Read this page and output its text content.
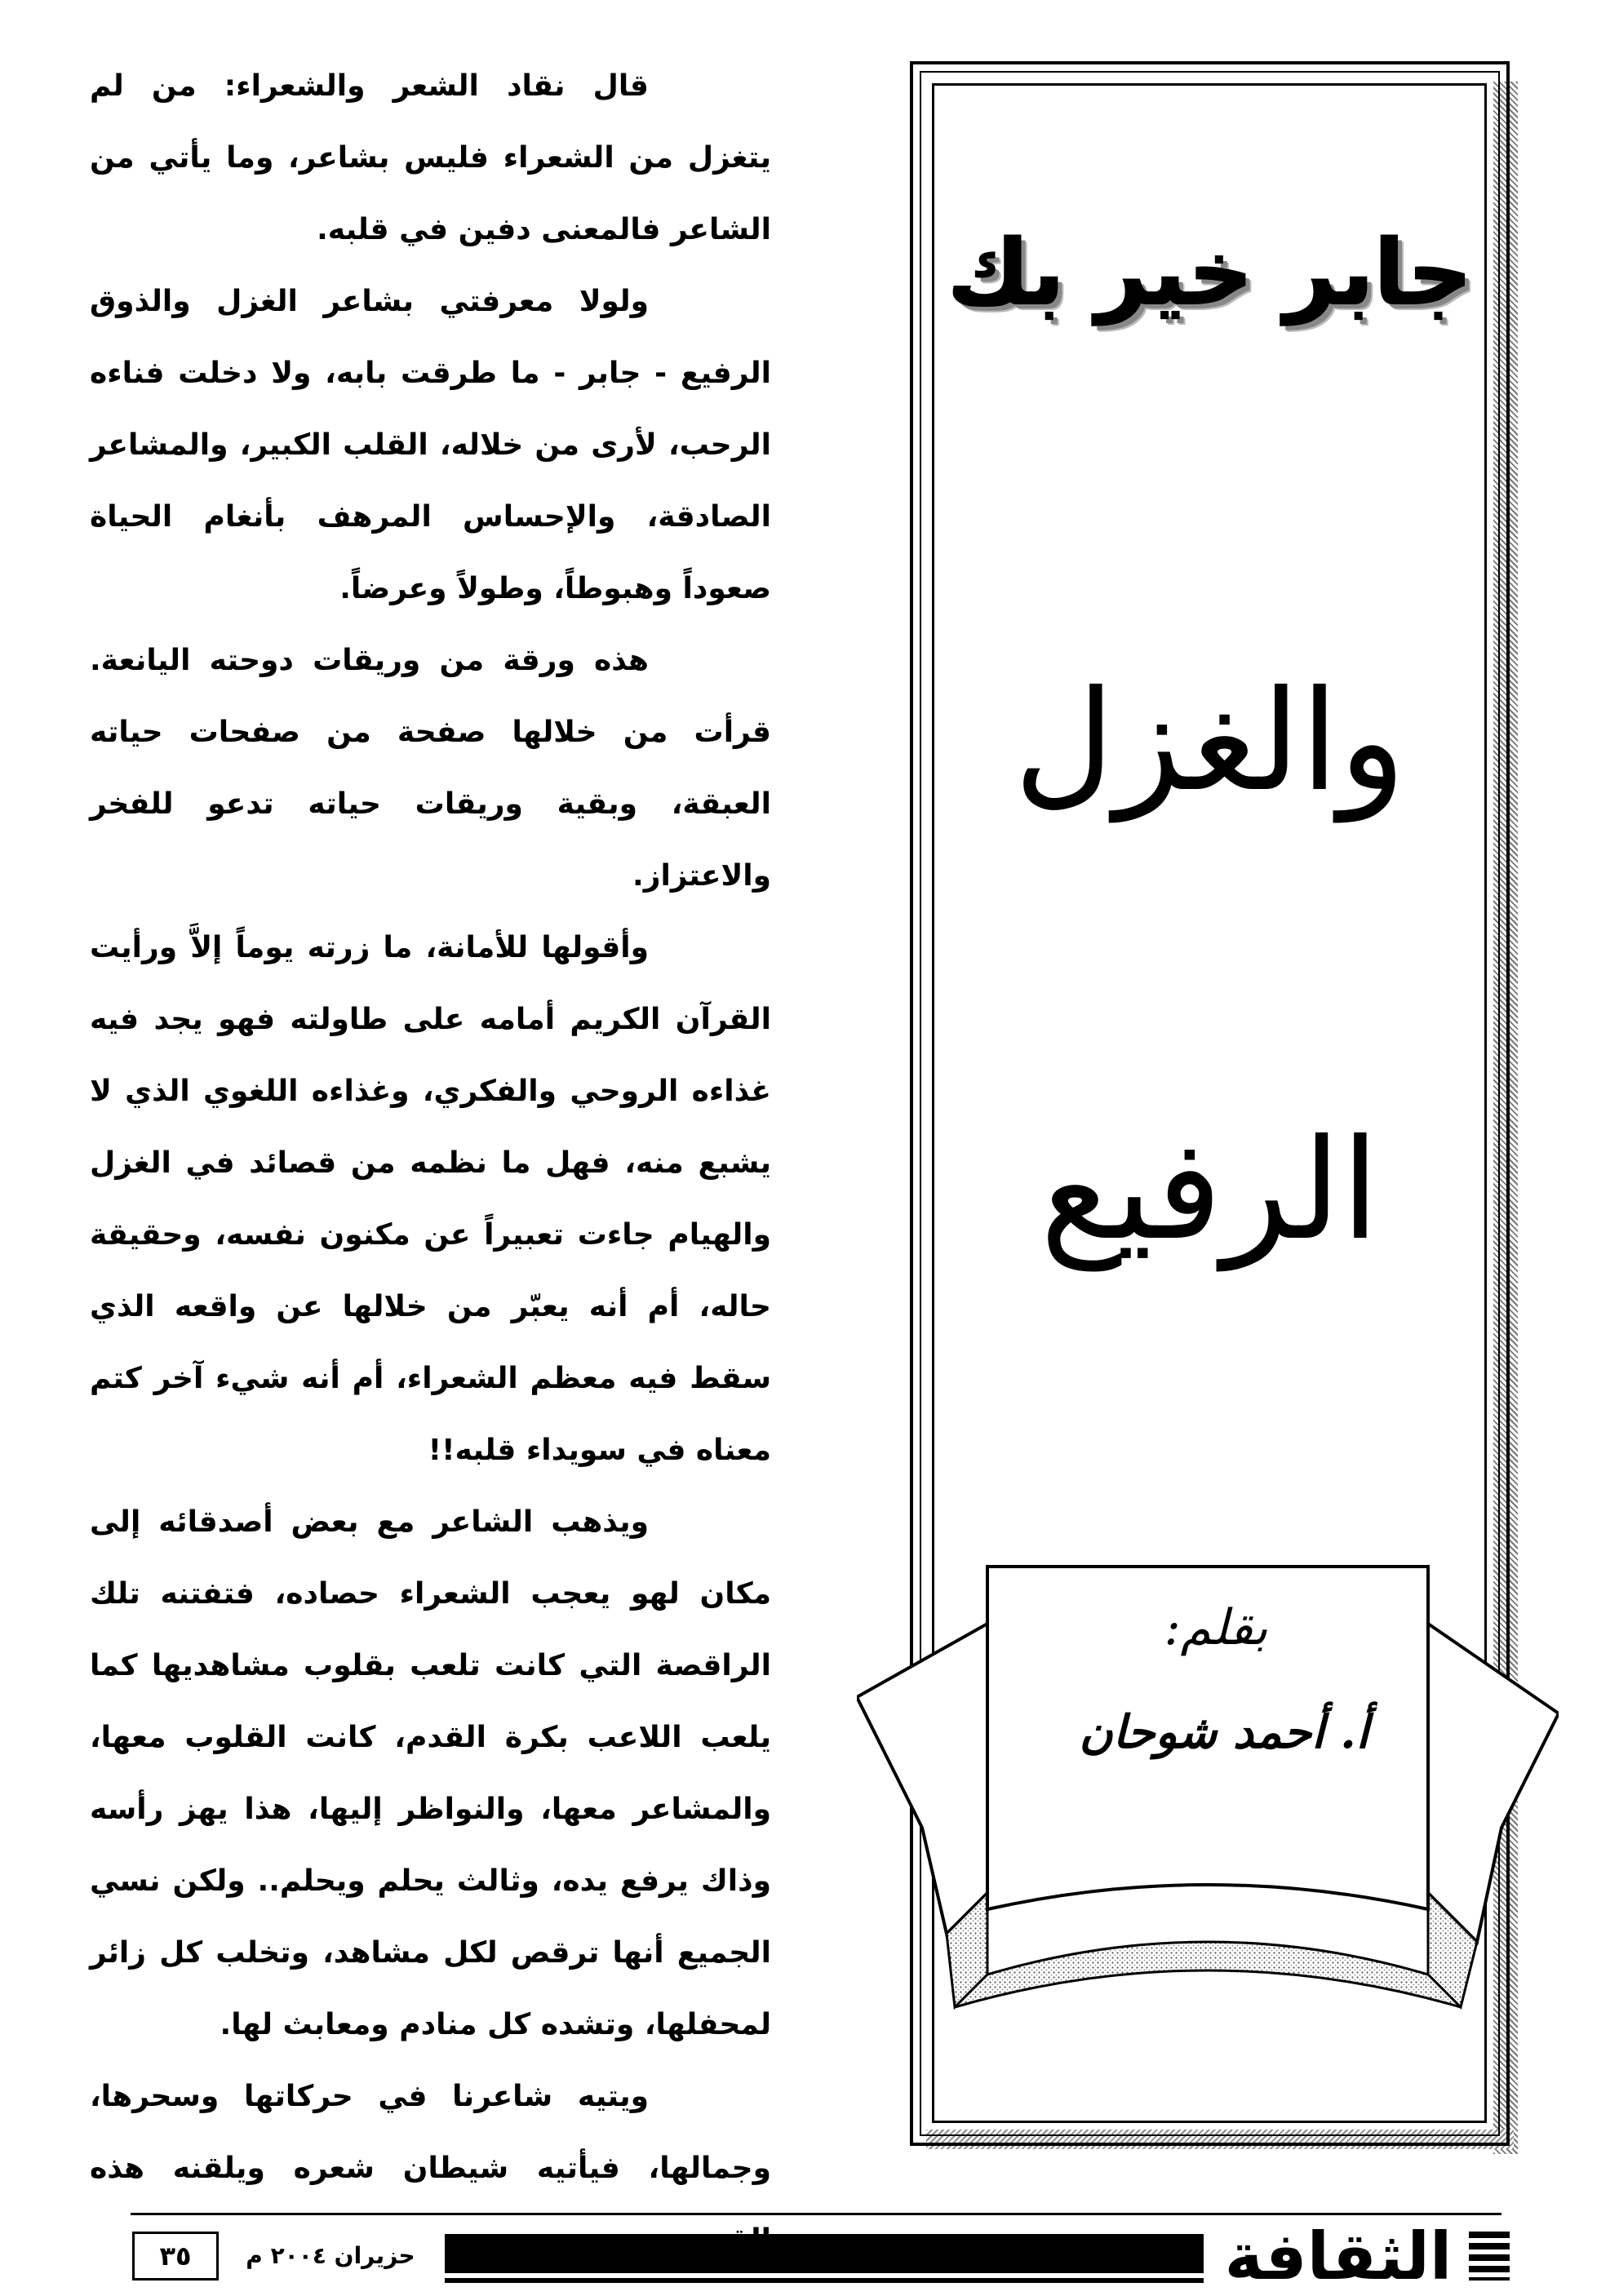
قال نقاد الشعر والشعراء: من لم يتغزل من الشعراء فليس بشاعر، وما يأتي من الشاعر فالمعنى دفين في قلبه.

ولولا معرفتي بشاعر الغزل والذوق الرفيع - جابر - ما طرقت بابه، ولا دخلت فناءه الرحب، لأرى من خلاله، القلب الكبير، والمشاعر الصادقة، والإحساس المرهف بأنغام الحياة صعوداً وهبوطاً، وطولاً وعرضاً.

هذه ورقة من وريقات دوحته اليانعة. قرأت من خلالها صفحة من صفحات حياته العبقة، وبقية وريقات حياته تدعو للفخر والاعتزاز.

وأقولها للأمانة، ما زرته يوماً إلاَّ ورأيت القرآن الكريم أمامه على طاولته فهو يجد فيه غذاءه الروحي والفكري، وغذاءه اللغوي الذي لا يشبع منه، فهل ما نظمه من قصائد في الغزل والهيام جاءت تعبيراً عن مكنون نفسه، وحقيقة حاله، أم أنه يعبّر من خلالها عن واقعه الذي سقط فيه معظم الشعراء، أم أنه شيء آخر كتم معناه في سويداء قلبه!!

ويذهب الشاعر مع بعض أصدقائه إلى مكان لهو يعجب الشعراء حصاده، فتفتنه تلك الراقصة التي كانت تلعب بقلوب مشاهديها كما يلعب اللاعب بكرة القدم، كانت القلوب معها، والمشاعر معها، والنواظر إليها، هذا يهز رأسه وذاك يرفع يده، وثالث يحلم ويحلم.. ولكن نسي الجميع أنها ترقص لكل مشاهد، وتخلب كل زائر لمحفلها، وتشده كل منادم ومعابث لها.

ويتيه شاعرنا في حركاتها وسحرها، وجمالها، فيأتيه شيطان شعره ويلقنه هذه

جابر خير بك
والغزل
الرفيع
بقلم:
أ. أحمد شوحان
٣٥	حزيران ٢٠٠٤ م	الثقافة
